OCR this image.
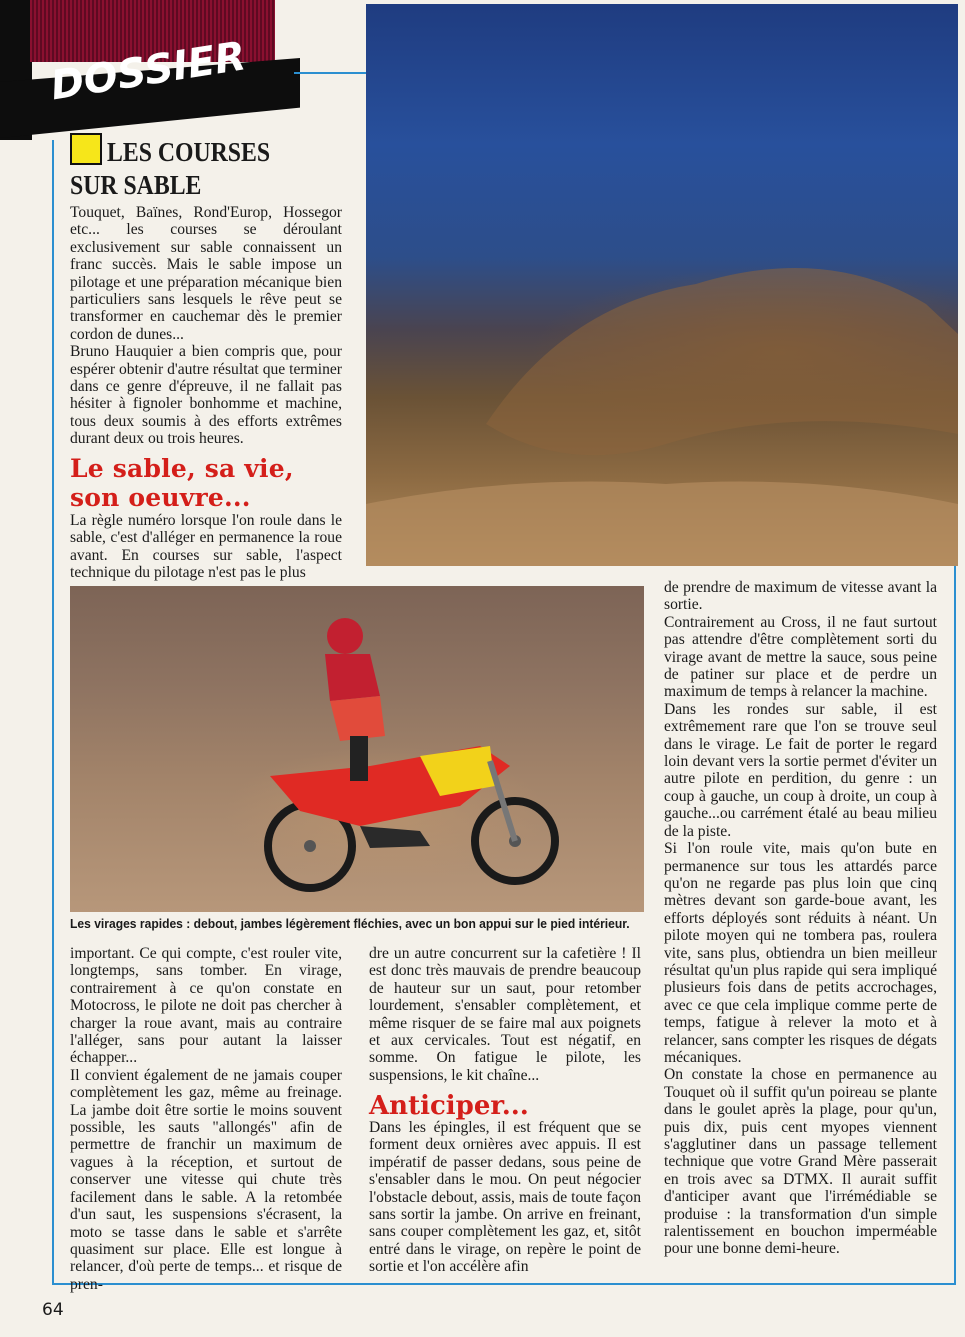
DOSSIER
LES COURSES
SUR SABLE

Touquet, Baïnes, Rond'Europ, Hossegor etc... les courses se déroulant exclusivement sur sable connaissent un franc succès. Mais le sable impose un pilotage et une préparation mécanique bien particuliers sans lesquels le rêve peut se transformer en cauchemar dès le premier cordon de dunes...

Bruno Hauquier a bien compris que, pour espérer obtenir d'autre résultat que terminer dans ce genre d'épreuve, il ne fallait pas hésiter à fignoler bonhomme et machine, tous deux soumis à des efforts extrêmes durant deux ou trois heures.

Le sable, sa vie,
son oeuvre...

La règle numéro lorsque l'on roule dans le sable, c'est d'alléger en permanence la roue avant. En courses sur sable, l'aspect technique du pilotage n'est pas le plus

Les virages rapides : debout, jambes légèrement fléchies, avec un bon appui sur le pied intérieur.

important. Ce qui compte, c'est rouler vite, longtemps, sans tomber. En virage, contrairement à ce qu'on constate en Motocross, le pilote ne doit pas chercher à charger la roue avant, mais au contraire l'alléger, sans pour autant la laisser échapper...

Il convient également de ne jamais couper complètement les gaz, même au freinage. La jambe doit être sortie le moins souvent possible, les sauts "allongés" afin de permettre de franchir un maximum de vagues à la réception, et surtout de conserver une vitesse qui chute très facilement dans le sable. A la retombée d'un saut, les suspensions s'écrasent, la moto se tasse dans le sable et s'arrête quasiment sur place. Elle est longue à relancer, d'où perte de temps... et risque de pren-

dre un autre concurrent sur la cafetière ! Il est donc très mauvais de prendre beaucoup de hauteur sur un saut, pour retomber lourdement, s'ensabler complètement, et même risquer de se faire mal aux poignets et aux cervicales. Tout est négatif, en somme. On fatigue le pilote, les suspensions, le kit chaîne...

Anticiper...

Dans les épingles, il est fréquent que se forment deux ornières avec appuis. Il est impératif de passer dedans, sous peine de s'ensabler dans le mou. On peut négocier l'obstacle debout, assis, mais de toute façon sans sortir la jambe. On arrive en freinant, sans couper complètement les gaz, et, sitôt entré dans le virage, on repère le point de sortie et l'on accélère afin

de prendre de maximum de vitesse avant la sortie.

Contrairement au Cross, il ne faut surtout pas attendre d'être complètement sorti du virage avant de mettre la sauce, sous peine de patiner sur place et de perdre un maximum de temps à relancer la machine.

Dans les rondes sur sable, il est extrêmement rare que l'on se trouve seul dans le virage. Le fait de porter le regard loin devant vers la sortie permet d'éviter un autre pilote en perdition, du genre : un coup à gauche, un coup à droite, un coup à gauche...ou carrément étalé au beau milieu de la piste.

Si l'on roule vite, mais qu'on bute en permanence sur tous les attardés parce qu'on ne regarde pas plus loin que cinq mètres devant son garde-boue avant, les efforts déployés sont réduits à néant. Un pilote moyen qui ne tombera pas, roulera vite, sans plus, obtiendra un bien meilleur résultat qu'un plus rapide qui sera impliqué plusieurs fois dans de petits accrochages, avec ce que cela implique comme perte de temps, fatigue à relever la moto et à relancer, sans compter les risques de dégats mécaniques.

On constate la chose en permanence au Touquet où il suffit qu'un poireau se plante dans le goulet après la plage, pour qu'un, puis dix, puis cent myopes viennent s'agglutiner dans un passage tellement technique que votre Grand Mère passerait en trois avec sa DTMX. Il aurait suffit d'anticiper avant que l'irrémédiable se produise : la transformation d'un simple ralentissement en bouchon imperméable pour une bonne demi-heure.

64
